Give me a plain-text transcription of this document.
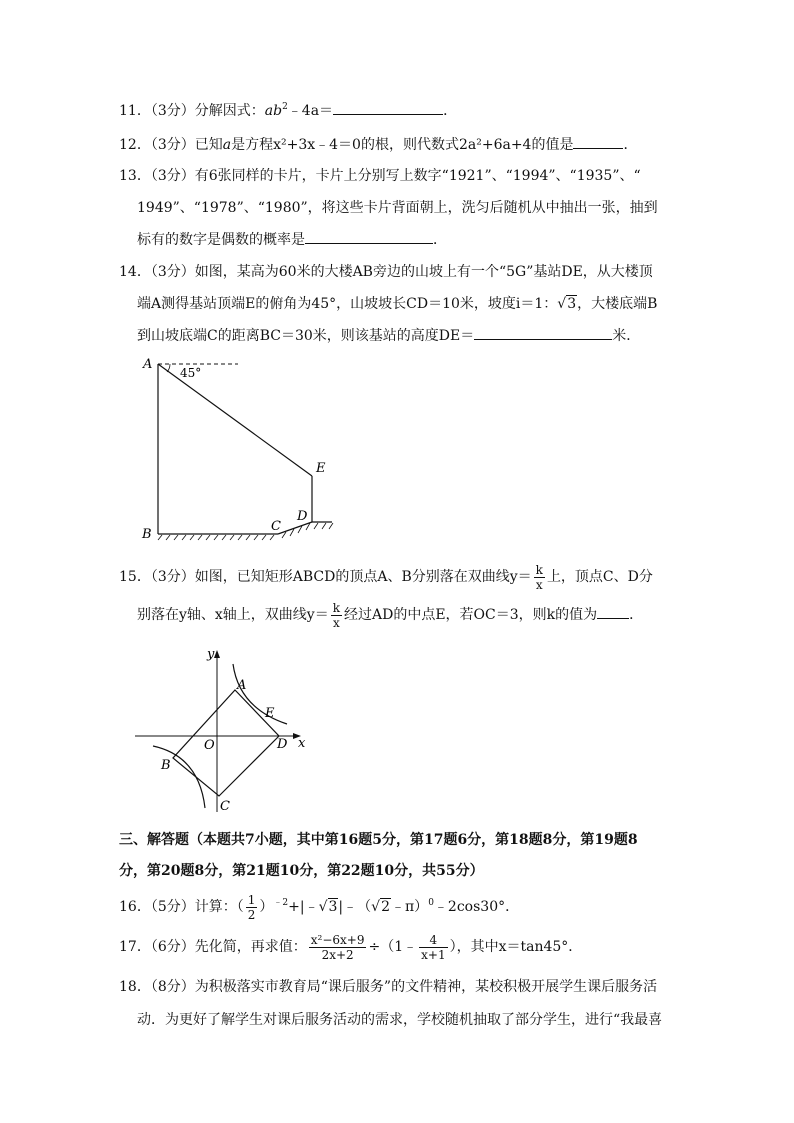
11．（3分）分解因式：$ab^2﹣4a=$	．
12．（3分）已知a是方程x²+3x﹣4＝0的根，则代数式2a²+6a+4的值是	．
13．（3分）有6张同样的卡片，卡片上分别写上数字“1921”、“1994”、“1935”、“
1949”、“1978”、“1980”，将这些卡片背面朝上，洗匀后随机从中抽出一张，抽到
标有的数字是偶数的概率是	．
14．（3分）如图，某高为60米的大楼AB旁边的山坡上有一个“5G”基站DE，从大楼顶
端A测得基站顶端E的俯角为45°，山坡坡长CD＝10米，坡度i＝1：√3，大楼底端B
到山坡底端C的距离BC＝30米，则该基站的高度DE＝	米．
A
B
C
D
E
45°
15．（3分）如图，已知矩形ABCD的顶点A、B分别落在双曲线$y= \frac{k}{x}$ 上，顶点C、D分
别落在y轴、x轴上，双曲线$y= \frac{k}{x}$ 经过AD的中点E，若OC＝3，则k的值为 ．
y
x
O
A
B
C
D
E
三、解答题（本题共7小题，其中第16题5分，第17题6分，第18题8分，第19题8
分，第20题8分，第21题10分，第22题10分，共55分）
16．（5分）计算：（ $\frac{1}{2}$ ）$^{﹣2}$+|﹣√3|﹣（√2﹣π）$^0$﹣2cos30°．
17．（6分）先化简，再求值： $\frac{\text{x²−6x+9}}{2x+2}$ ÷（1﹣ $\frac{4}{x+1}$ ），其中x＝tan45°．
18．（8分）为积极落实市教育局“课后服务”的文件精神，某校积极开展学生课后服务活
动．为更好了解学生对课后服务活动的需求，学校随机抽取了部分学生，进行“我最喜
